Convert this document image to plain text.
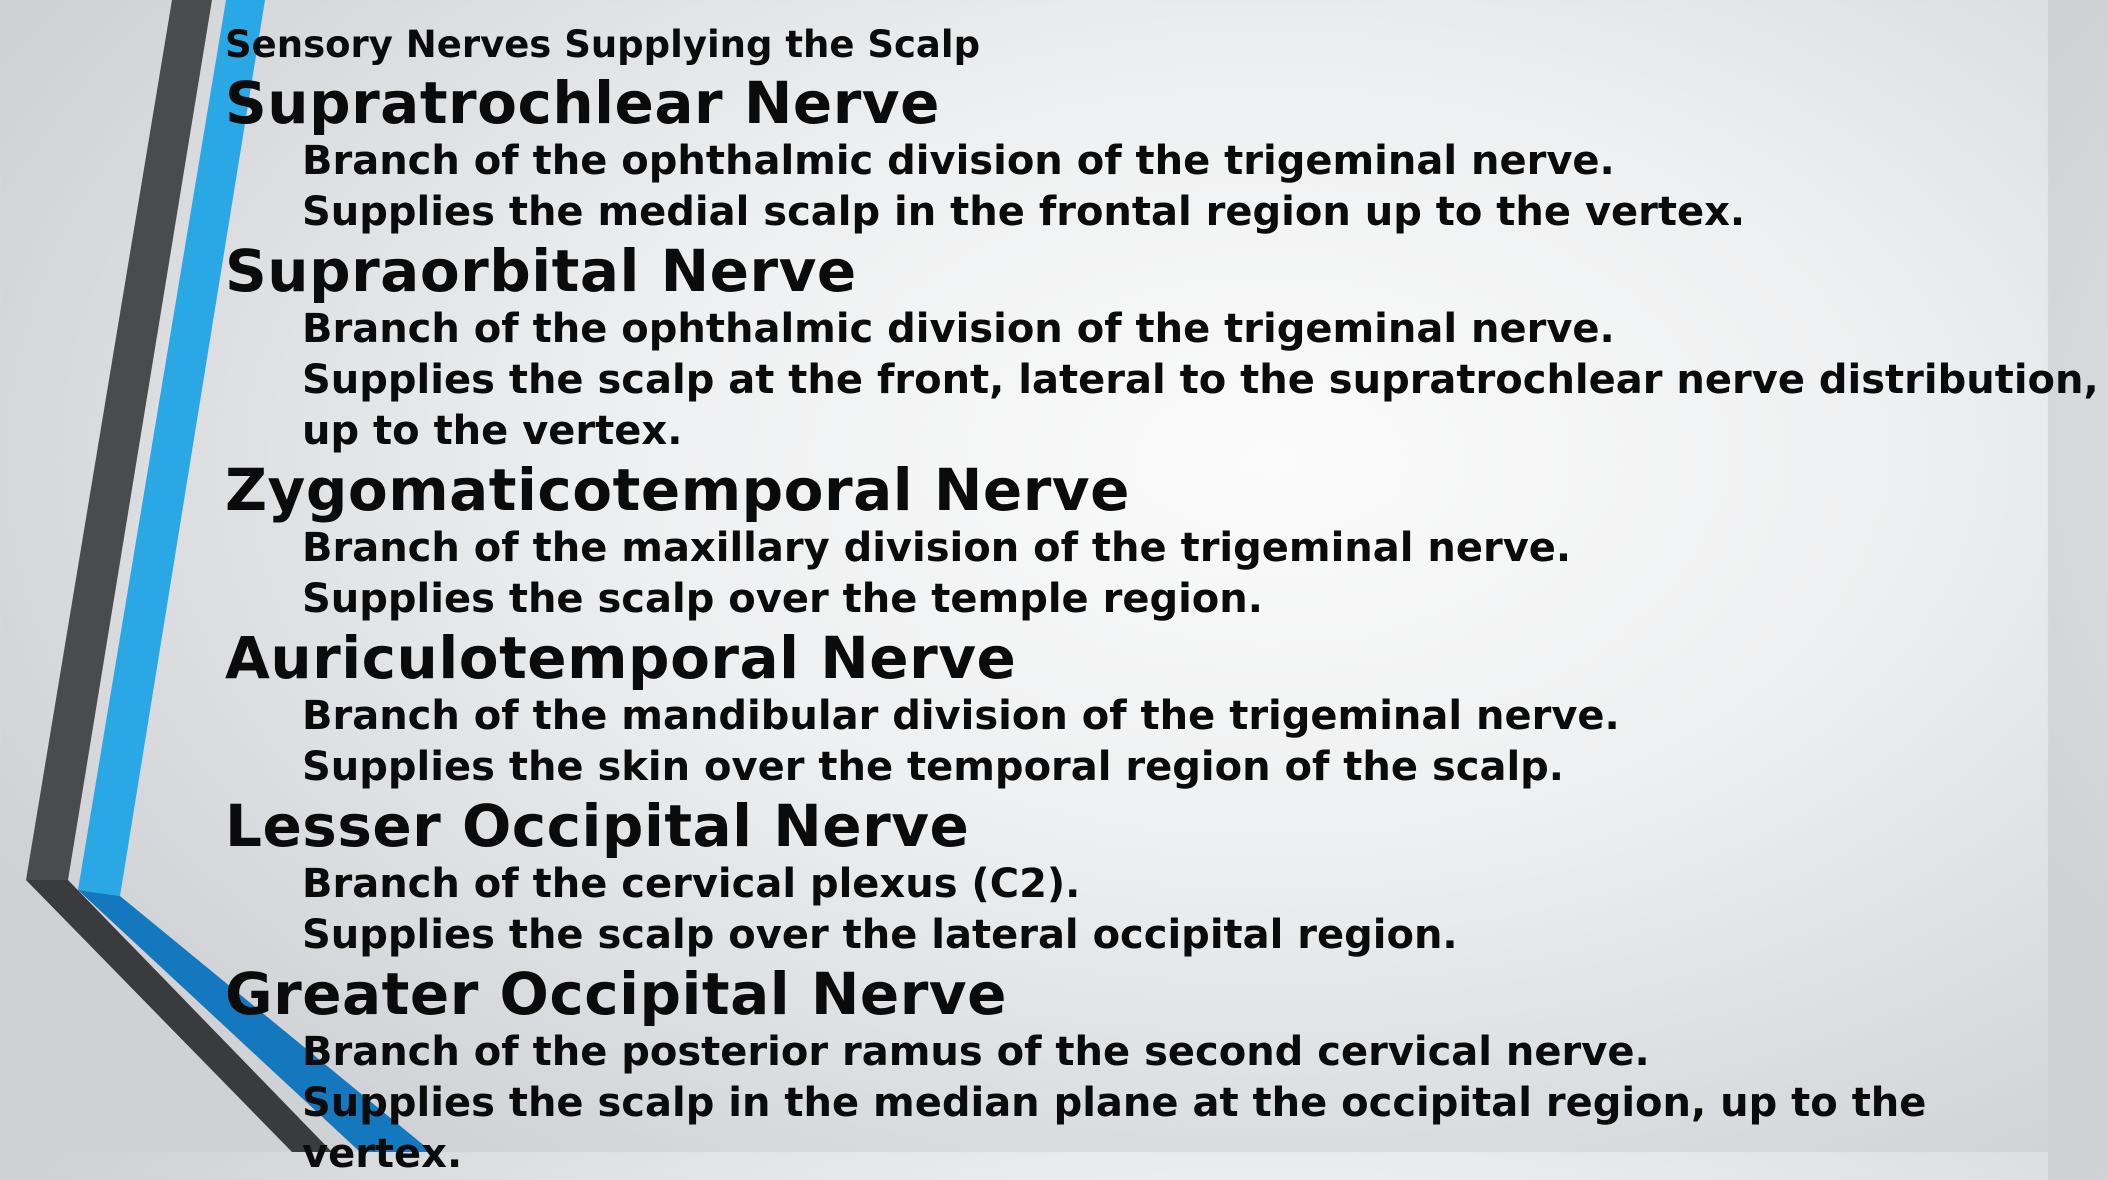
Sensory Nerves Supplying the Scalp
Supratrochlear Nerve
Branch of the ophthalmic division of the trigeminal nerve.
Supplies the medial scalp in the frontal region up to the vertex.
Supraorbital Nerve
Branch of the ophthalmic division of the trigeminal nerve.
Supplies the scalp at the front, lateral to the supratrochlear nerve distribution, up to the vertex.
Zygomaticotemporal Nerve
Branch of the maxillary division of the trigeminal nerve.
Supplies the scalp over the temple region.
Auriculotemporal Nerve
Branch of the mandibular division of the trigeminal nerve.
Supplies the skin over the temporal region of the scalp.
Lesser Occipital Nerve
Branch of the cervical plexus (C2).
Supplies the scalp over the lateral occipital region.
Greater Occipital Nerve
Branch of the posterior ramus of the second cervical nerve.
Supplies the scalp in the median plane at the occipital region, up to the vertex.
